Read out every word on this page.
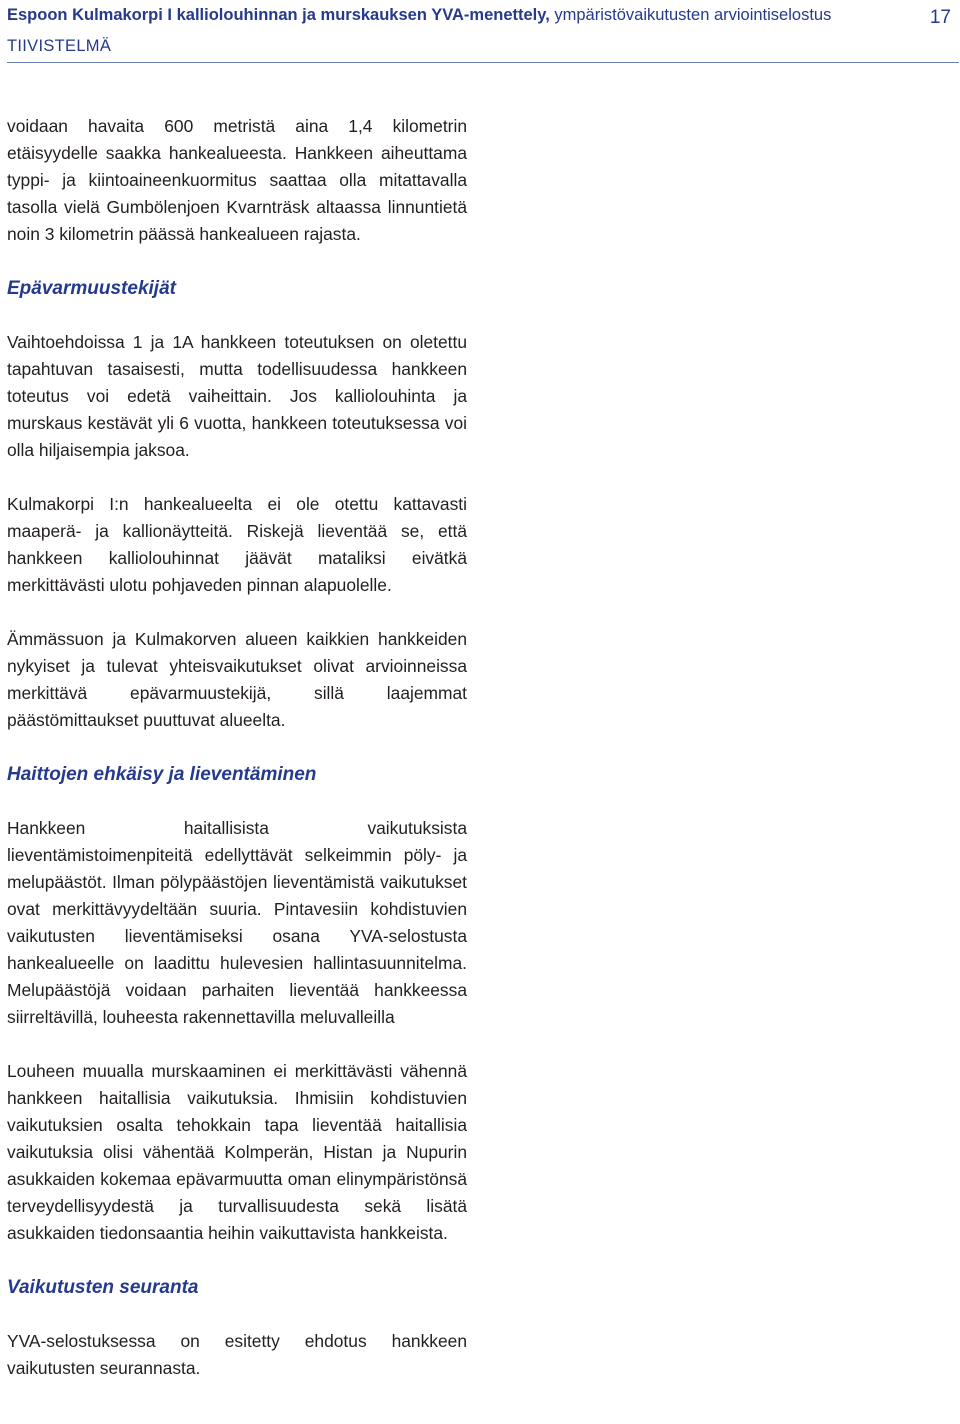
Espoon Kulmakorpi I kalliolouhinnan ja murskauksen YVA-menettely, ympäristövaikutusten arviointiselostus
TIIVISTELMÄ
17

voidaan havaita 600 metristä aina 1,4 kilometrin etäisyydelle saakka hankealueesta. Hankkeen aiheuttama typpi- ja kiintoaineenkuormitus saattaa olla mitattavalla tasolla vielä Gumbölenjoen Kvarnträsk altaassa linnuntietä noin 3 kilometrin päässä hankealueen rajasta.

Epävarmuustekijät

Vaihtoehdoissa 1 ja 1A hankkeen toteutuksen on oletettu tapahtuvan tasaisesti, mutta todellisuudessa hankkeen toteutus voi edetä vaiheittain. Jos kalliolouhinta ja murskaus kestävät yli 6 vuotta, hankkeen toteutuksessa voi olla hiljaisempia jaksoa.

Kulmakorpi I:n hankealueelta ei ole otettu kattavasti maaperä- ja kallionäytteitä. Riskejä lieventää se, että hankkeen kalliolouhinnat jäävät mataliksi eivätkä merkittävästi ulotu pohjaveden pinnan alapuolelle.

Ämmässuon ja Kulmakorven alueen kaikkien hankkeiden nykyiset ja tulevat yhteisvaikutukset olivat arvioinneissa merkittävä epävarmuustekijä, sillä laajemmat päästömittaukset puuttuvat alueelta.

Haittojen ehkäisy ja lieventäminen

Hankkeen haitallisista vaikutuksista lieventämistoimenpiteitä edellyttävät selkeimmin pöly- ja melupäästöt. Ilman pölypäästöjen lieventämistä vaikutukset ovat merkittävyydeltään suuria. Pintavesiin kohdistuvien vaikutusten lieventämiseksi osana YVA-selostusta hankealueelle on laadittu hulevesien hallintasuunnitelma. Melupäästöjä voidaan parhaiten lieventää hankkeessa siirreltävillä, louheesta rakennettavilla meluvalleilla

Louheen muualla murskaaminen ei merkittävästi vähennä hankkeen haitallisia vaikutuksia. Ihmisiin kohdistuvien vaikutuksien osalta tehokkain tapa lieventää haitallisia vaikutuksia olisi vähentää Kolmperän, Histan ja Nupurin asukkaiden kokemaa epävarmuutta oman elinympäristönsä terveydellisyydestä ja turvallisuudesta sekä lisätä asukkaiden tiedonsaantia heihin vaikuttavista hankkeista.

Vaikutusten seuranta

YVA-selostuksessa on esitetty ehdotus hankkeen vaikutusten seurannasta.
